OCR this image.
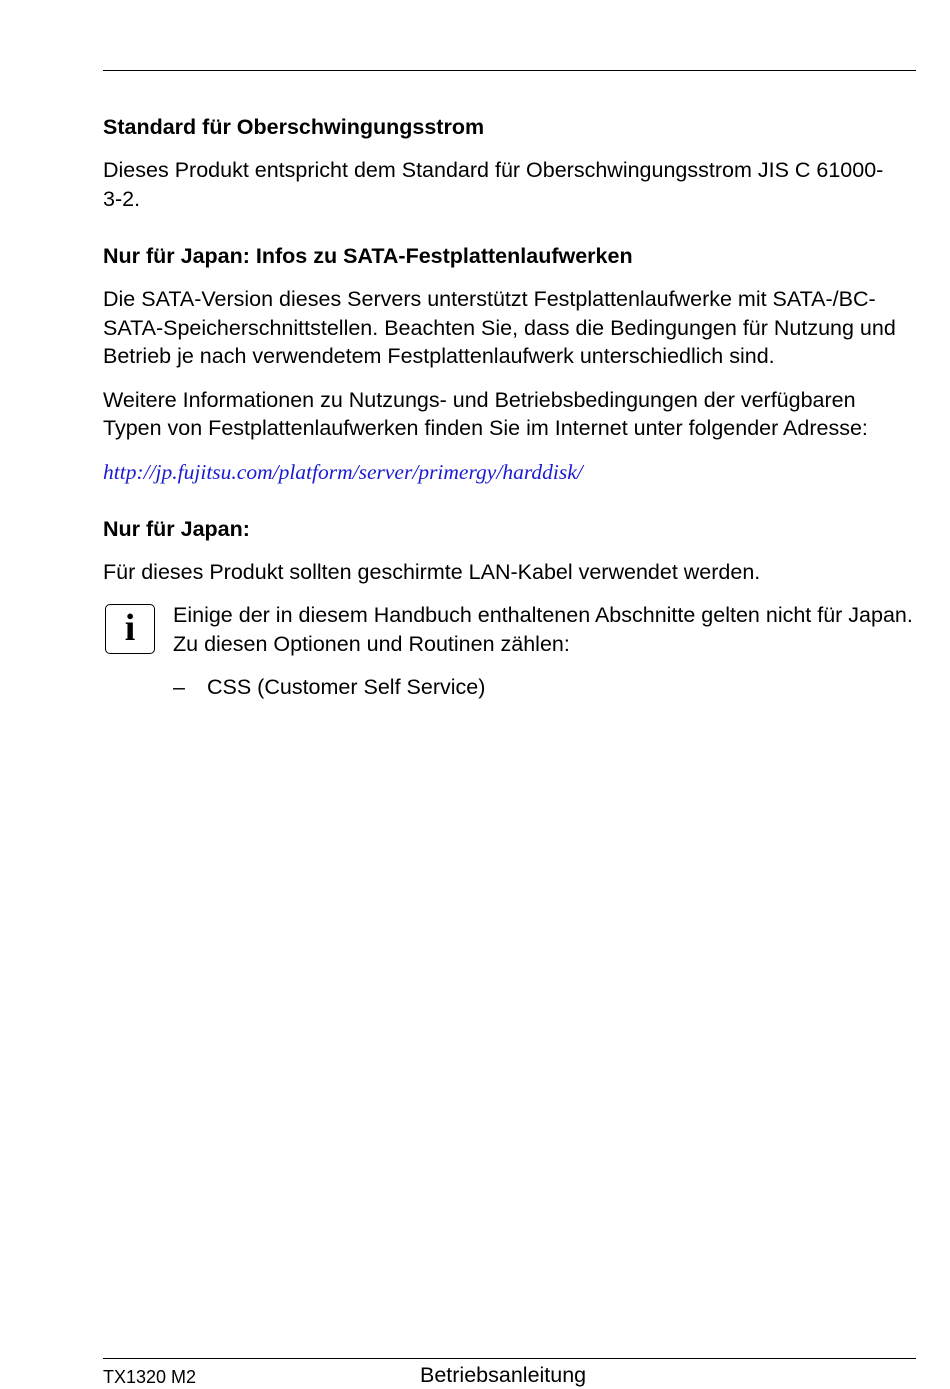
Standard für Oberschwingungsstrom

Dieses Produkt entspricht dem Standard für Oberschwingungsstrom JIS C 61000-3-2.

Nur für Japan: Infos zu SATA-Festplattenlaufwerken

Die SATA-Version dieses Servers unterstützt Festplattenlaufwerke mit SATA-/BC-SATA-Speicherschnittstellen. Beachten Sie, dass die Bedingungen für Nutzung und Betrieb je nach verwendetem Festplattenlaufwerk unterschiedlich sind.

Weitere Informationen zu Nutzungs- und Betriebsbedingungen der verfügbaren Typen von Festplattenlaufwerken finden Sie im Internet unter folgender Adresse:

http://jp.fujitsu.com/platform/server/primergy/harddisk/
Nur für Japan:

Für dieses Produkt sollten geschirmte LAN-Kabel verwendet werden.

i	Einige der in diesem Handbuch enthaltenen Abschnitte gelten nicht für Japan. Zu diesen Optionen und Routinen zählen:

– CSS (Customer Self Service)

TX1320 M2	Betriebsanleitung
